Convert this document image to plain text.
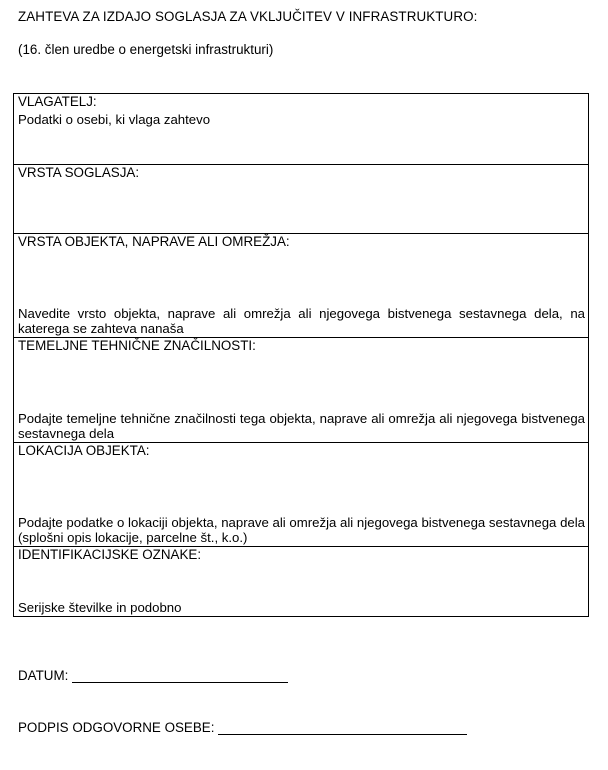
ZAHTEVA ZA IZDAJO SOGLASJA ZA VKLJUČITEV V INFRASTRUKTURO:
(16. člen uredbe o energetski infrastrukturi)
VLAGATELJ:
Podatki o osebi, ki vlaga zahtevo
VRSTA SOGLASJA:
VRSTA OBJEKTA, NAPRAVE ALI OMREŽJA:
Navedite vrsto objekta, naprave ali omrežja ali njegovega bistvenega sestavnega dela, na katerega se zahteva nanaša
TEMELJNE TEHNIČNE ZNAČILNOSTI:
Podajte temeljne tehnične značilnosti tega objekta, naprave ali omrežja ali njegovega bistvenega sestavnega dela
LOKACIJA OBJEKTA:
Podajte podatke o lokaciji objekta, naprave ali omrežja ali njegovega bistvenega sestavnega dela (splošni opis lokacije, parcelne št., k.o.)
IDENTIFIKACIJSKE OZNAKE:
Serijske številke in podobno
DATUM:
PODPIS ODGOVORNE OSEBE:
